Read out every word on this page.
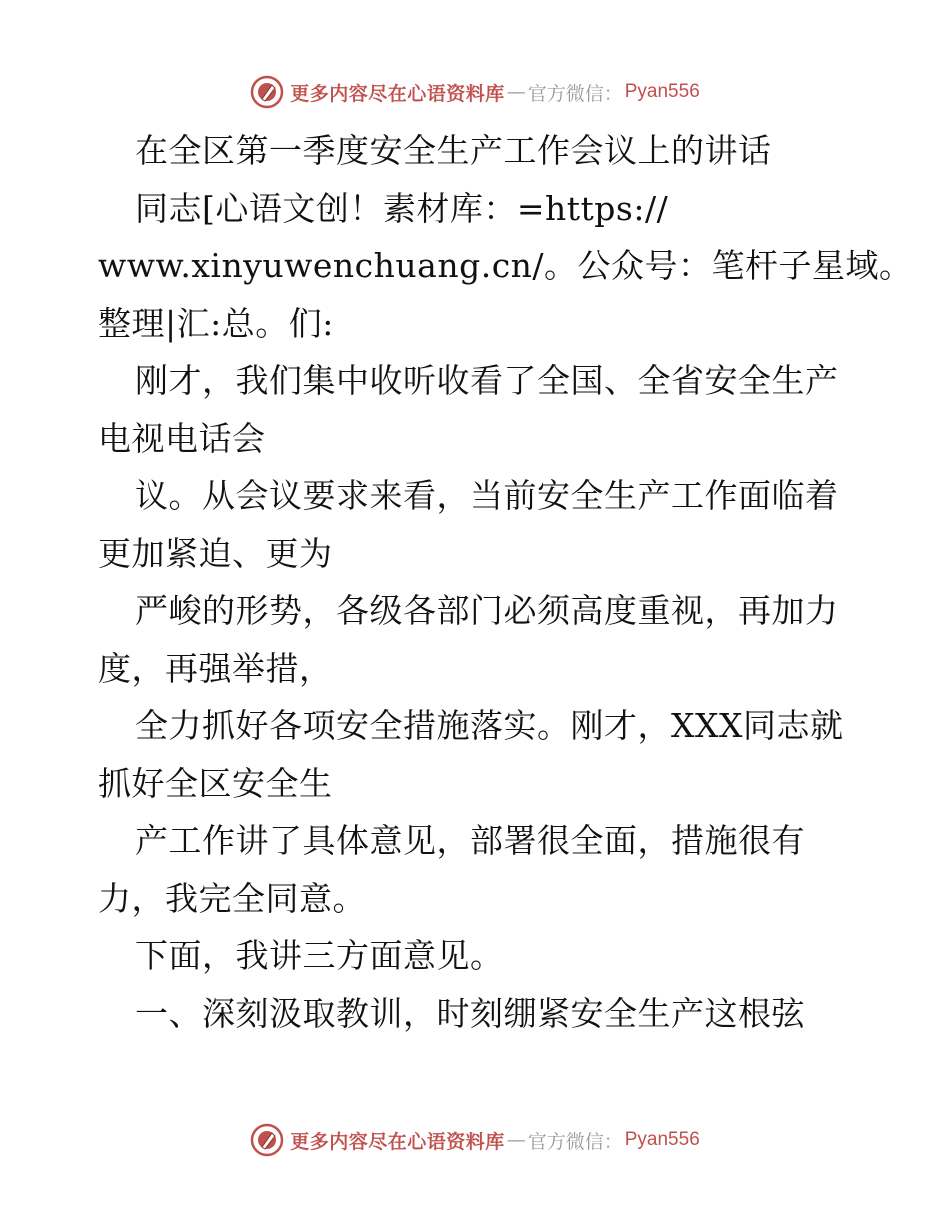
更多内容尽在心语资料库 — 官方微信： Pyan556
在全区第一季度安全生产工作会议上的讲话
同志[心语文创！素材库：=https://
www.xinyuwenchuang.cn/。公众号：笔杆子星域。
整理|汇:总。们:
刚才，我们集中收听收看了全国、全省安全生产
电视电话会
议。从会议要求来看，当前安全生产工作面临着
更加紧迫、更为
严峻的形势，各级各部门必须高度重视，再加力
度，再强举措，
全力抓好各项安全措施落实。刚才，XXX同志就
抓好全区安全生
产工作讲了具体意见，部署很全面，措施很有
力，我完全同意。
下面，我讲三方面意见。
一、深刻汲取教训，时刻绷紧安全生产这根弦
更多内容尽在心语资料库 — 官方微信： Pyan556
